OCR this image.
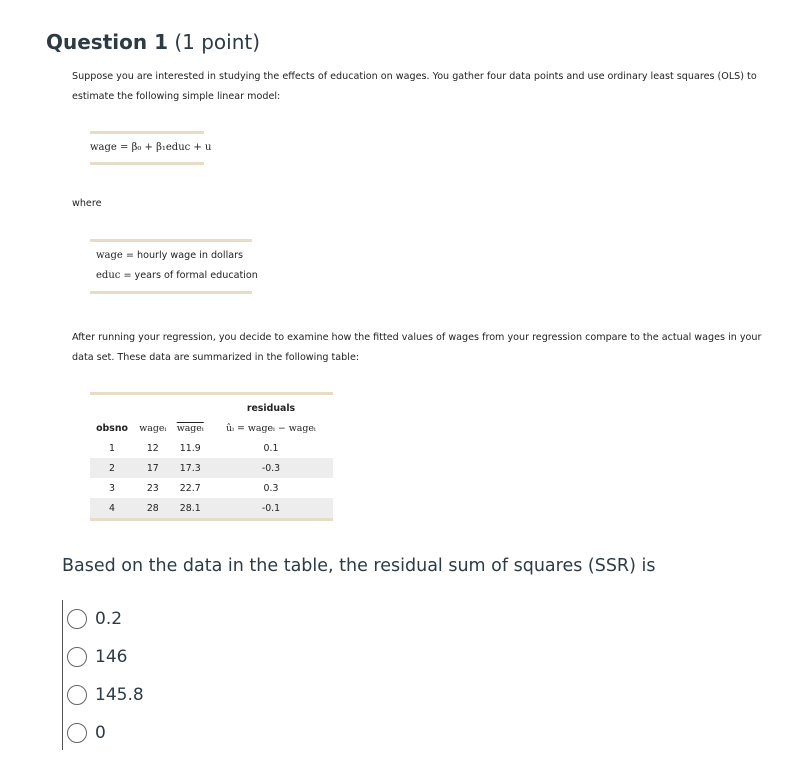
Question 1 (1 point)
Suppose you are interested in studying the effects of education on wages. You gather four data points and use ordinary least squares (OLS) to estimate the following simple linear model:
wage = β₀ + β₁educ + u
where
wage = hourly wage in dollars
educ = years of formal education
After running your regression, you decide to examine how the fitted values of wages from your regression compare to the actual wages in your data set. These data are summarized in the following table:
			residuals
obsno	wageᵢ	wageᵢ	ûᵢ = wageᵢ − wageᵢ
1	12	11.9	0.1
2	17	17.3	-0.3
3	23	22.7	0.3
4	28	28.1	-0.1
Based on the data in the table, the residual sum of squares (SSR) is
0.2
146
145.8
0
